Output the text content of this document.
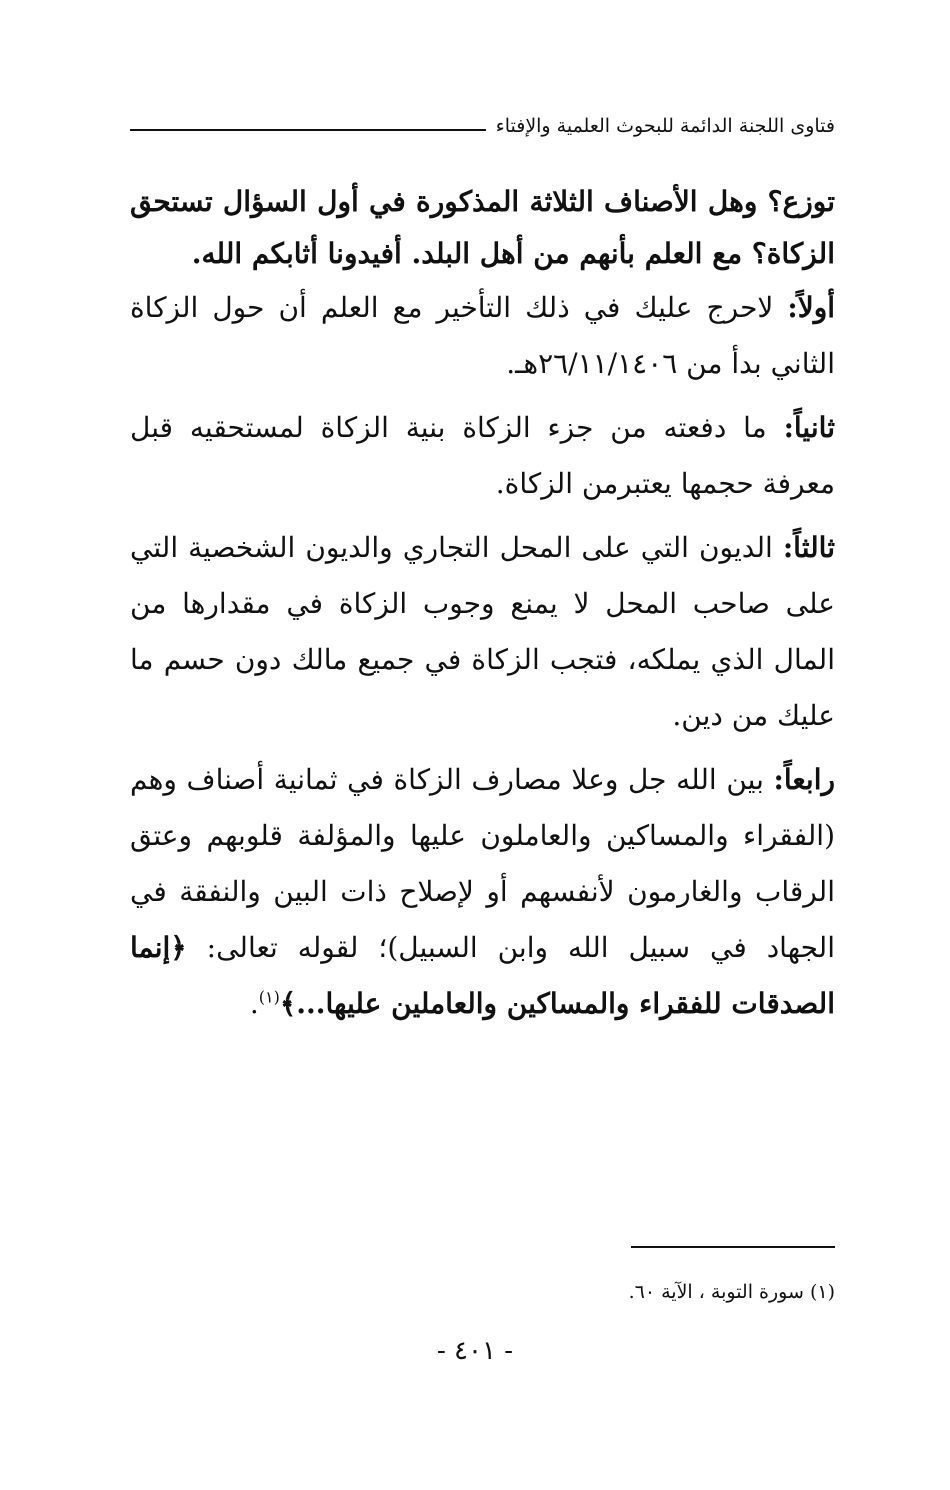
فتاوى اللجنة الدائمة للبحوث العلمية والإفتاء

توزع؟ وهل الأصناف الثلاثة المذكورة في أول السؤال تستحق الزكاة؟ مع العلم بأنهم من أهل البلد. أفيدونا أثابكم الله.

أولاً: لاحرج عليك في ذلك التأخير مع العلم أن حول الزكاة الثاني بدأ من ٢٦/١١/١٤٠٦هـ.

ثانياً: ما دفعته من جزء الزكاة بنية الزكاة لمستحقيه قبل معرفة حجمها يعتبرمن الزكاة.

ثالثاً: الديون التي على المحل التجاري والديون الشخصية التي على صاحب المحل لا يمنع وجوب الزكاة في مقدارها من المال الذي يملكه، فتجب الزكاة في جميع مالك دون حسم ما عليك من دين.

رابعاً: بين الله جل وعلا مصارف الزكاة في ثمانية أصناف وهم (الفقراء والمساكين والعاملون عليها والمؤلفة قلوبهم وعتق الرقاب والغارمون لأنفسهم أو لإصلاح ذات البين والنفقة في الجهاد في سبيل الله وابن السبيل)؛ لقوله تعالى: ﴿إنما الصدقات للفقراء والمساكين والعاملين عليها...﴾$^{(١)}$.

(١) سورة التوبة ، الآية ٦٠.
- ٤٠١ -
